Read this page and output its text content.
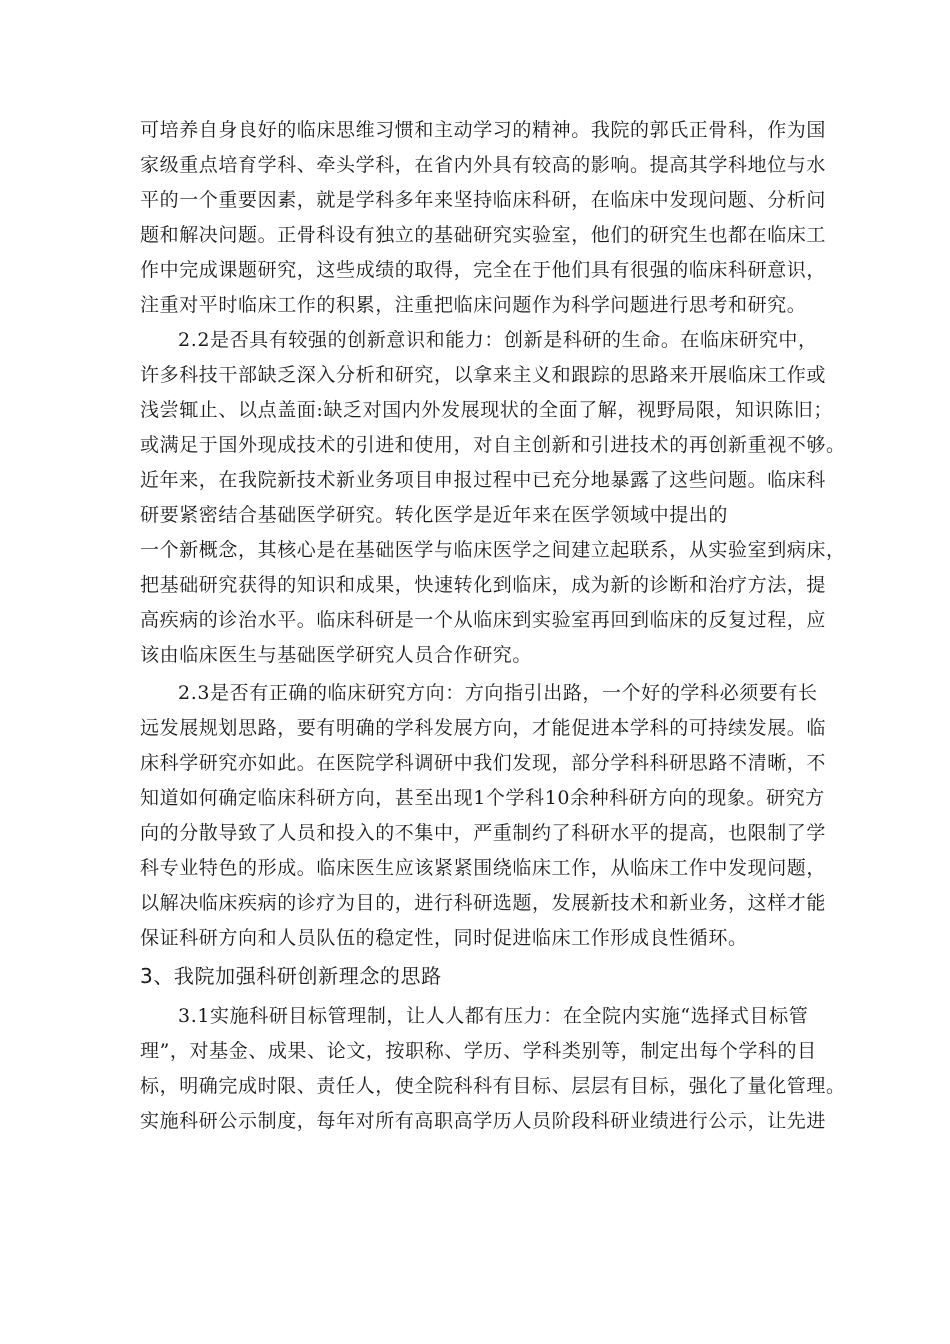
可培养自身良好的临床思维习惯和主动学习的精神。我院的郭氏正骨科，作为国

家级重点培育学科、牵头学科，在省内外具有较高的影响。提高其学科地位与水

平的一个重要因素，就是学科多年来坚持临床科研，在临床中发现问题、分析问

题和解决问题。正骨科设有独立的基础研究实验室，他们的研究生也都在临床工

作中完成课题研究，这些成绩的取得，完全在于他们具有很强的临床科研意识，

注重对平时临床工作的积累，注重把临床问题作为科学问题进行思考和研究。

2.2是否具有较强的创新意识和能力：创新是科研的生命。在临床研究中，

许多科技干部缺乏深入分析和研究，以拿来主义和跟踪的思路来开展临床工作或

浅尝辄止、以点盖面:缺乏对国内外发展现状的全面了解，视野局限，知识陈旧；

或满足于国外现成技术的引进和使用，对自主创新和引进技术的再创新重视不够。

近年来，在我院新技术新业务项目申报过程中已充分地暴露了这些问题。临床科

研要紧密结合基础医学研究。转化医学是近年来在医学领域中提出的

一个新概念，其核心是在基础医学与临床医学之间建立起联系，从实验室到病床，

把基础研究获得的知识和成果，快速转化到临床，成为新的诊断和治疗方法，提

高疾病的诊治水平。临床科研是一个从临床到实验室再回到临床的反复过程，应

该由临床医生与基础医学研究人员合作研究。

2.3是否有正确的临床研究方向：方向指引出路，一个好的学科必须要有长

远发展规划思路，要有明确的学科发展方向，才能促进本学科的可持续发展。临

床科学研究亦如此。在医院学科调研中我们发现，部分学科科研思路不清晰，不

知道如何确定临床科研方向，甚至出现1个学科10余种科研方向的现象。研究方

向的分散导致了人员和投入的不集中，严重制约了科研水平的提高，也限制了学

科专业特色的形成。临床医生应该紧紧围绕临床工作，从临床工作中发现问题，

以解决临床疾病的诊疗为目的，进行科研选题，发展新技术和新业务，这样才能

保证科研方向和人员队伍的稳定性，同时促进临床工作形成良性循环。

3、我院加强科研创新理念的思路

3.1实施科研目标管理制，让人人都有压力：在全院内实施“选择式目标管

理”，对基金、成果、论文，按职称、学历、学科类别等，制定出每个学科的目

标，明确完成时限、责任人，使全院科科有目标、层层有目标，强化了量化管理。

实施科研公示制度，每年对所有高职高学历人员阶段科研业绩进行公示，让先进
